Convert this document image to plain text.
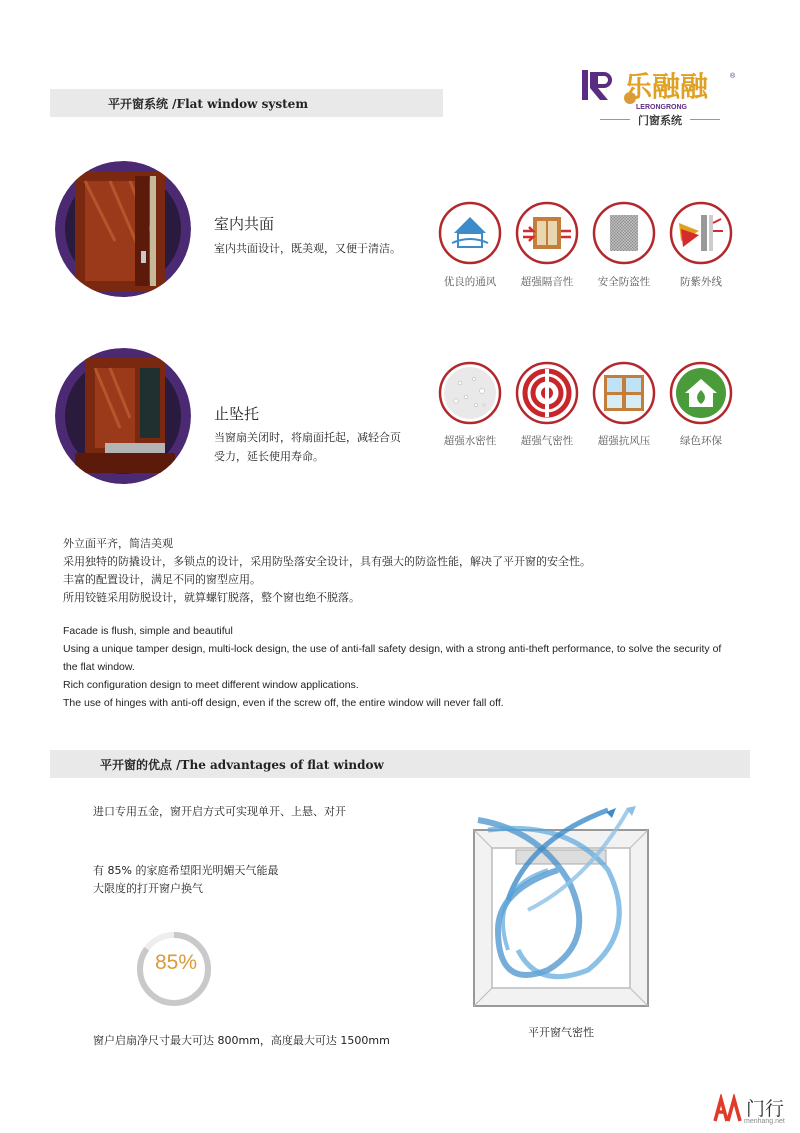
平开窗系统 /Flat window system
乐融融
LERONGRONG
®
门窗系统
室内共面
室内共面设计，既美观，又便于清洁。
止坠托
当窗扇关闭时，将扇面托起，减轻合页
受力，延长使用寿命。
优良的通风	超强隔音性	安全防盗性	防紫外线
超强水密性	超强气密性	超强抗风压	绿色环保
外立面平齐，简洁美观
采用独特的防撬设计，多锁点的设计，采用防坠落安全设计，具有强大的防盗性能，解决了平开窗的安全性。
丰富的配置设计，满足不同的窗型应用。
所用铰链采用防脱设计，就算螺钉脱落，整个窗也绝不脱落。
Facade is flush, simple and beautiful
Using a unique tamper design, multi-lock design, the use of anti-fall safety design, with a strong anti-theft performance, to solve the security of
the flat window.
Rich configuration design to meet different window applications.
The use of hinges with anti-off design, even if the screw off, the entire window will never fall off.
平开窗的优点 /The advantages of flat window
进口专用五金，窗开启方式可实现单开、上悬、对开
有 85% 的家庭希望阳光明媚天气能最
大限度的打开窗户换气
85%
窗户启扇净尺寸最大可达 800mm，高度最大可达 1500mm
平开窗气密性
门行
menhang.net
